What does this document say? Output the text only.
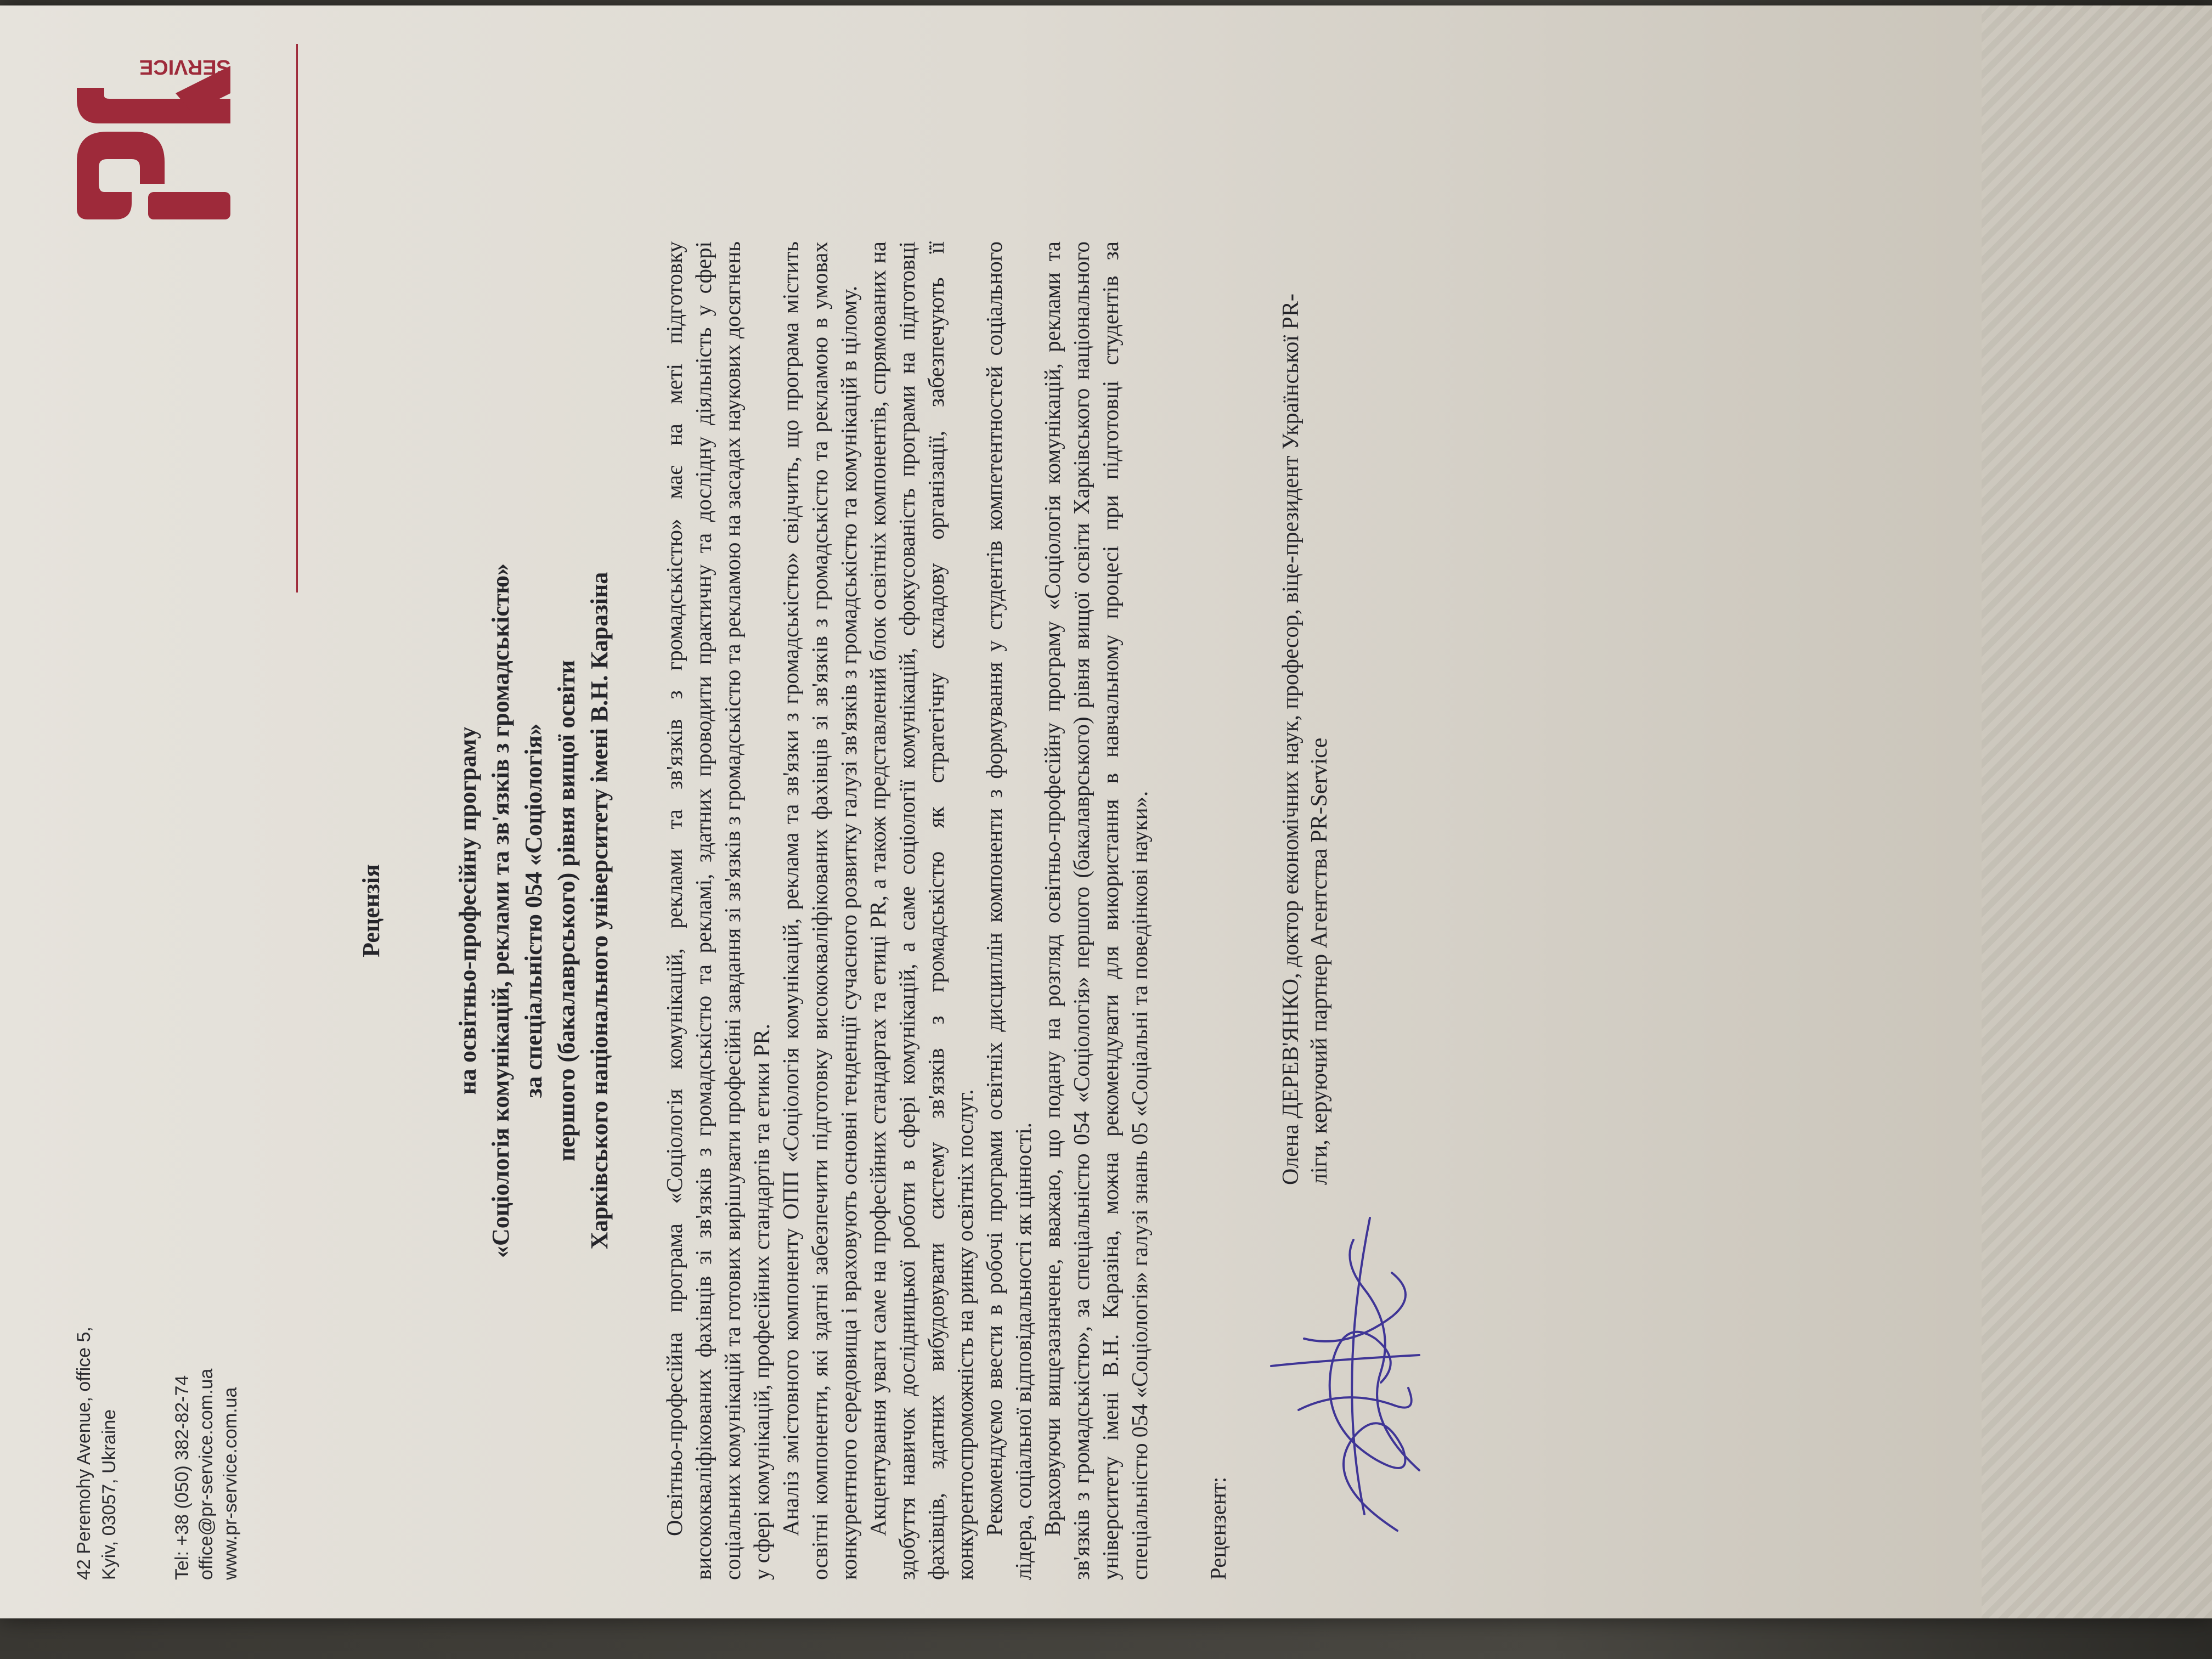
42 Peremohy Avenue, office 5, Kyiv, 03057, Ukraine	Tel: +38 (050) 382-82-74 office@pr-service.com.ua www.pr-service.com.ua
SERVICE
Рецензія	на освітньо-професійну програму «Соціологія комунікацій, реклами та зв'язків з громадськістю» за спеціальністю 054 «Соціологія» першого (бакалаврського) рівня вищої освіти Харківського національного університету імені В.Н. Каразіна Освітньо-професійна програма «Соціологія комунікацій, реклами та зв'язків з громадськістю» має на меті підготовку висококваліфікованих фахівців зі зв'язків з громадськістю та рекламі, здатних проводити практичну та дослідну діяльність у сфері соціальних комунікацій та готових вирішувати професійні завдання зі зв'язків з громадськістю та рекламою на засадах наукових досягнень у сфері комунікацій, професійних стандартів та етики PR. Аналіз змістовного компоненту ОПП «Соціологія комунікацій, реклама та зв'язки з громадськістю» свідчить, що програма містить освітні компоненти, які здатні забезпечити підготовку висококваліфікованих фахівців зі зв'язків з громадськістю та рекламою в умовах конкурентного середовища і враховують основні тенденції сучасного розвитку галузі зв'язків з громадськістю та комунікацій в цілому. Акцентування уваги саме на професійних стандартах та етиці PR, а також представлений блок освітніх компонентів, спрямованих на здобуття навичок дослідницької роботи в сфері комунікацій, а саме соціології комунікацій, сфокусованість програми на підготовці фахівців, здатних вибудовувати систему зв'язків з громадськістю як стратегічну складову організації, забезпечують її конкурентоспроможність на ринку освітніх послуг. Рекомендуємо ввести в робочі програми освітніх дисциплін компоненти з формування у студентів компетентностей соціального лідера, соціальної відповідальності як цінності. Враховуючи вищезазначене, вважаю, що подану на розгляд освітньо-професійну програму «Соціологія комунікацій, реклами та зв'язків з громадськістю», за спеціальністю 054 «Соціологія» першого (бакалаврського) рівня вищої освіти Харківського національного університету імені В.Н. Каразіна, можна рекомендувати для використання в навчальному процесі при підготовці студентів за спеціальністю 054 «Соціологія» галузі знань 05 «Соціальні та поведінкові науки». Рецензент:
Олена ДЕРЕВ'ЯНКО, доктор економічних наук, професор, віце-президент Української PR-ліги, керуючий партнер Агентства PR-Service
